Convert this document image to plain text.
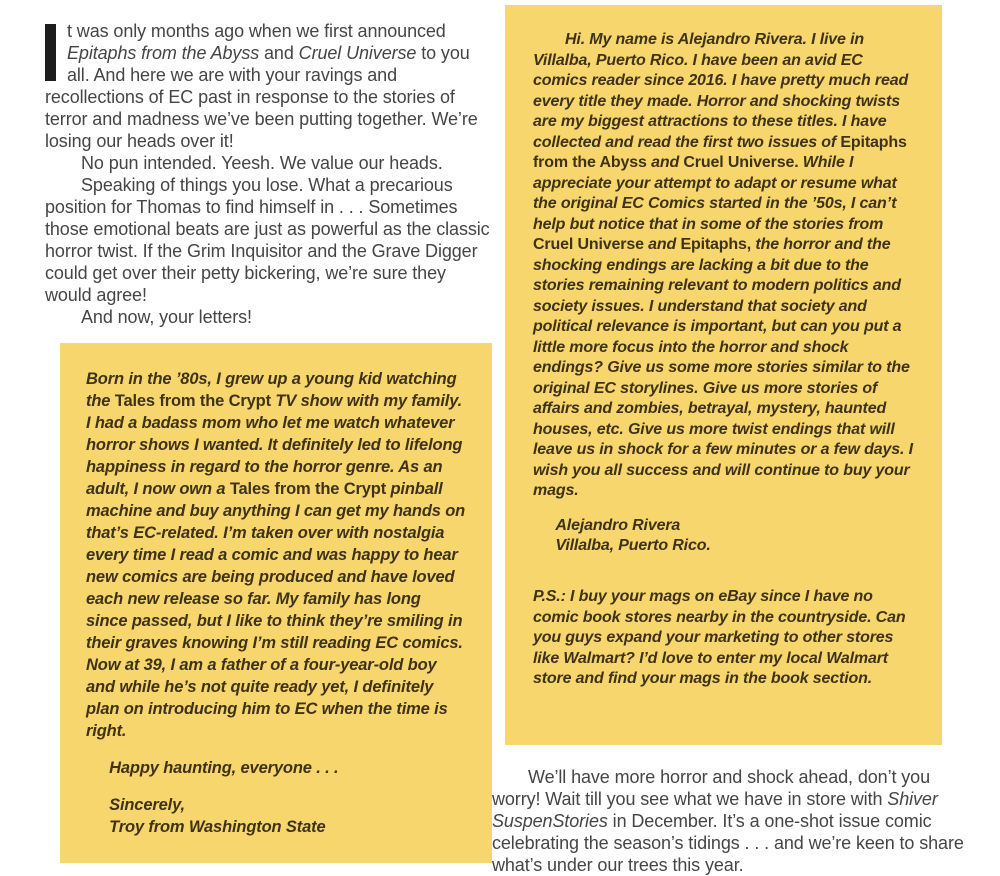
t was only months ago when we first announced Epitaphs from the Abyss and Cruel Universe to you all. And here we are with your ravings and recollections of EC past in response to the stories of terror and madness we’ve been putting together. We’re losing our heads over it!

No pun intended. Yeesh. We value our heads.

Speaking of things you lose. What a precarious position for Thomas to find himself in . . . Sometimes those emotional beats are just as powerful as the classic horror twist. If the Grim Inquisitor and the Grave Digger could get over their petty bickering, we’re sure they would agree!

And now, your letters!

Born in the ’80s, I grew up a young kid watching the Tales from the Crypt TV show with my family. I had a badass mom who let me watch whatever horror shows I wanted. It definitely led to lifelong happiness in regard to the horror genre. As an adult, I now own a Tales from the Crypt pinball machine and buy anything I can get my hands on that’s EC-related. I’m taken over with nostalgia every time I read a comic and was happy to hear new comics are being produced and have loved each new release so far. My family has long since passed, but I like to think they’re smiling in their graves knowing I’m still reading EC comics. Now at 39, I am a father of a four-year-old boy and while he’s not quite ready yet, I definitely plan on introducing him to EC when the time is right.

Happy haunting, everyone . . .

Sincerely,
Troy from Washington State

Hi. My name is Alejandro Rivera. I live in Villalba, Puerto Rico. I have been an avid EC comics reader since 2016. I have pretty much read every title they made. Horror and shocking twists are my biggest attractions to these titles. I have collected and read the first two issues of Epitaphs from the Abyss and Cruel Universe. While I appreciate your attempt to adapt or resume what the original EC Comics started in the ’50s, I can’t help but notice that in some of the stories from Cruel Universe and Epitaphs, the horror and the shocking endings are lacking a bit due to the stories remaining relevant to modern politics and society issues. I understand that society and political relevance is important, but can you put a little more focus into the horror and shock endings? Give us some more stories similar to the original EC storylines. Give us more stories of affairs and zombies, betrayal, mystery, haunted houses, etc. Give us more twist endings that will leave us in shock for a few minutes or a few days. I wish you all success and will continue to buy your mags.

Alejandro Rivera
Villalba, Puerto Rico.

P.S.: I buy your mags on eBay since I have no comic book stores nearby in the countryside. Can you guys expand your marketing to other stores like Walmart? I’d love to enter my local Walmart store and find your mags in the book section.

We’ll have more horror and shock ahead, don’t you worry! Wait till you see what we have in store with Shiver SuspenStories in December. It’s a one-shot issue comic celebrating the season’s tidings . . . and we’re keen to share what’s under our trees this year.
